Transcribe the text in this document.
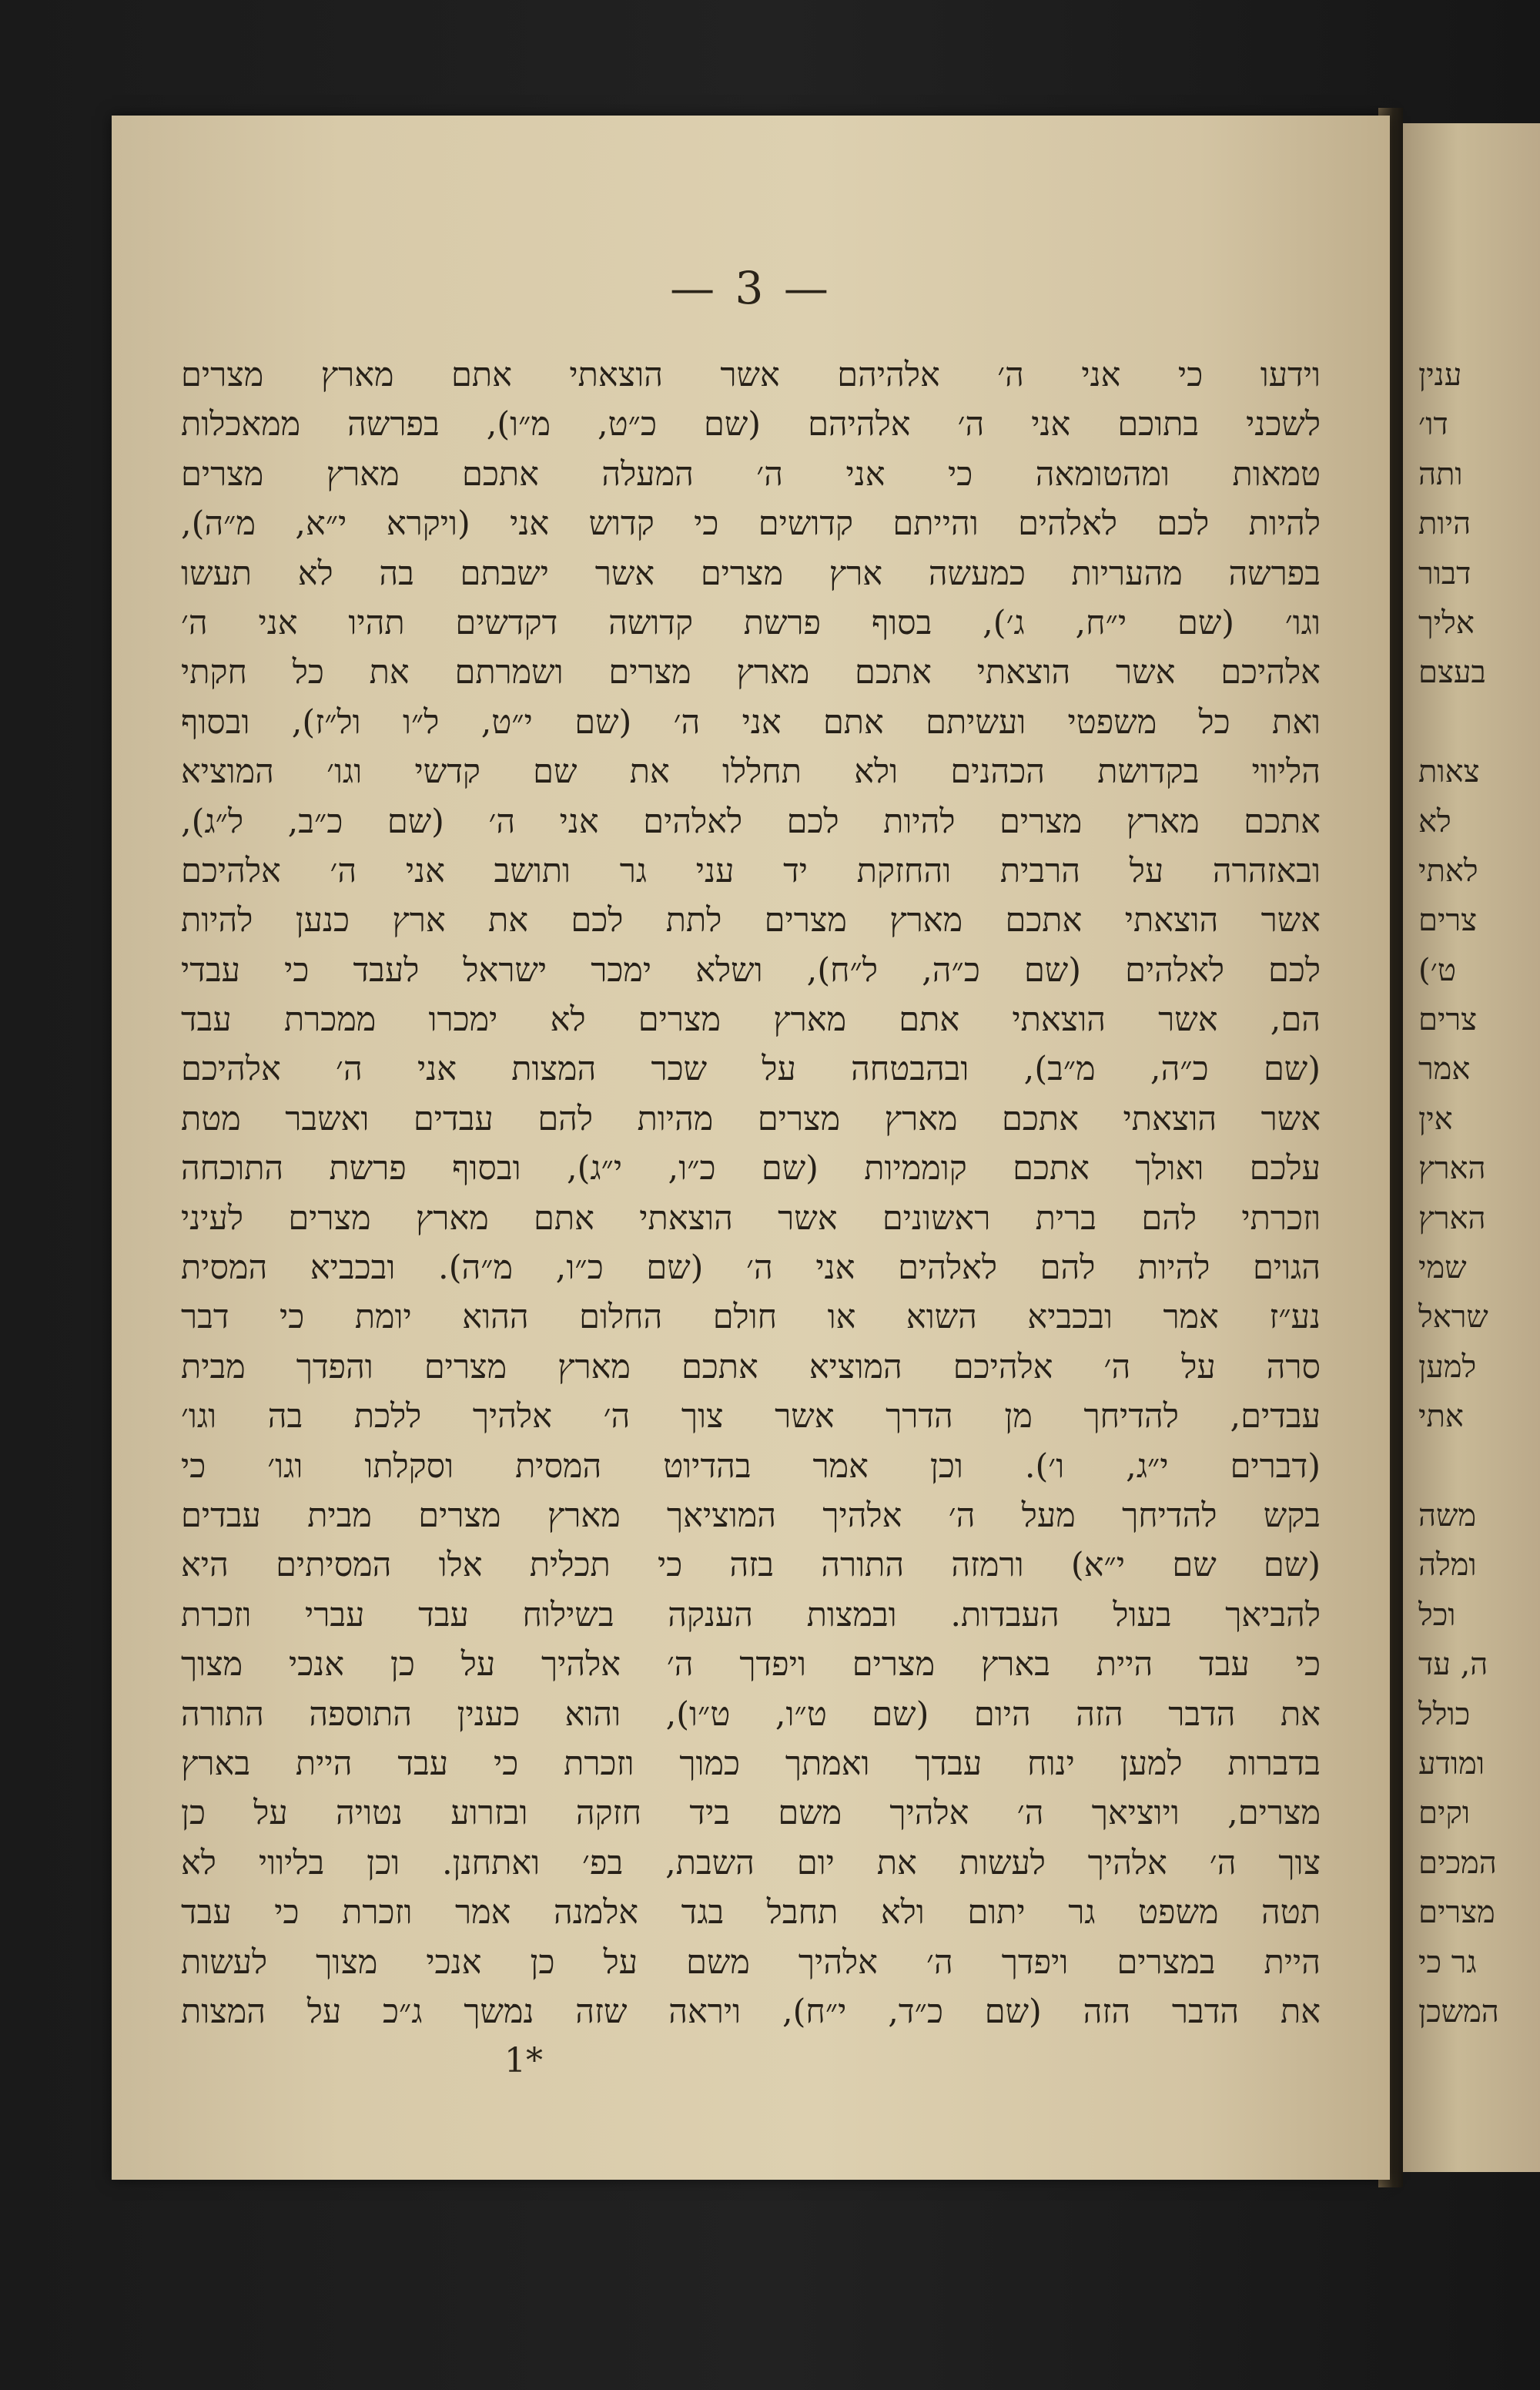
ענין
דו׳
ותה
היות
דבור
אליך
בעצם
צאות
לא
לאתי
צרים
ט׳)
צרים
אמר
אין
הארץ
הארץ
שמי
שראל
למען
אתי
משה
ומלה
וכל
ה, עד
כולל
ומודע
וקים
המכים
מצרים
גר כי
המשכן
— 3 —
וידעו כי אני ה׳ אלהיהם אשר הוצאתי אתם מארץ מצרים
לשכני בתוכם אני ה׳ אלהיהם (שם כ״ט, מ״ו), בפרשה ממאכלות
טמאות ומהטומאה כי אני ה׳ המעלה אתכם מארץ מצרים
להיות לכם לאלהים והייתם קדושים כי קדוש אני (ויקרא י״א, מ״ה),
בפרשה מהעריות כמעשה ארץ מצרים אשר ישבתם בה לא תעשו
וגו׳ (שם י״ח, ג׳), בסוף פרשת קדושה דקדשים תהיו אני ה׳
אלהיכם אשר הוצאתי אתכם מארץ מצרים ושמרתם את כל חקתי
ואת כל משפטי ועשיתם אתם אני ה׳ (שם י״ט, ל״ו ול״ז), ובסוף
הליווי בקדושת הכהנים ולא תחללו את שם קדשי וגו׳ המוציא
אתכם מארץ מצרים להיות לכם לאלהים אני ה׳ (שם כ״ב, ל״ג),
ובאזהרה על הרבית והחזקת יד עני גר ותושב אני ה׳ אלהיכם
אשר הוצאתי אתכם מארץ מצרים לתת לכם את ארץ כנען להיות
לכם לאלהים (שם כ״ה, ל״ח), ושלא ימכר ישראל לעבד כי עבדי
הם, אשר הוצאתי אתם מארץ מצרים לא ימכרו ממכרת עבד
(שם כ״ה, מ״ב), ובהבטחה על שכר המצות אני ה׳ אלהיכם
אשר הוצאתי אתכם מארץ מצרים מהיות להם עבדים ואשבר מטת
עלכם ואולך אתכם קוממיות (שם כ״ו, י״ג), ובסוף פרשת התוכחה
וזכרתי להם ברית ראשונים אשר הוצאתי אתם מארץ מצרים לעיני
הגוים להיות להם לאלהים אני ה׳ (שם כ״ו, מ״ה). ובכביא המסית
נע״ז אמר ובכביא השוא או חולם החלום ההוא יומת כי דבר
סרה על ה׳ אלהיכם המוציא אתכם מארץ מצרים והפדך מבית
עבדים, להדיחך מן הדרך אשר צוך ה׳ אלהיך ללכת בה וגו׳
(דברים י״ג, ו׳). וכן אמר בהדיוט המסית וסקלתו וגו׳ כי
בקש להדיחך מעל ה׳ אלהיך המוציאך מארץ מצרים מבית עבדים
(שם שם י״א) ורמזה התורה בזה כי תכלית אלו המסיתים היא
להביאך בעול העבדות. ובמצות הענקה בשילוח עבד עברי וזכרת
כי עבד היית בארץ מצרים ויפדך ה׳ אלהיך על כן אנכי מצוך
את הדבר הזה היום (שם ט״ו, ט״ו), והוא כענין התוספה התורה
בדברות למען ינוח עבדך ואמתך כמוך וזכרת כי עבד היית בארץ
מצרים, ויוציאך ה׳ אלהיך משם ביד חזקה ובזרוע נטויה על כן
צוך ה׳ אלהיך לעשות את יום השבת, בפ׳ ואתחנן. וכן בליווי לא
תטה משפט גר יתום ולא תחבל בגד אלמנה אמר וזכרת כי עבד
היית במצרים ויפדך ה׳ אלהיך משם על כן אנכי מצוך לעשות
את הדבר הזה (שם כ״ד, י״ח), ויראה שזה נמשך ג״כ על המצות
1*
